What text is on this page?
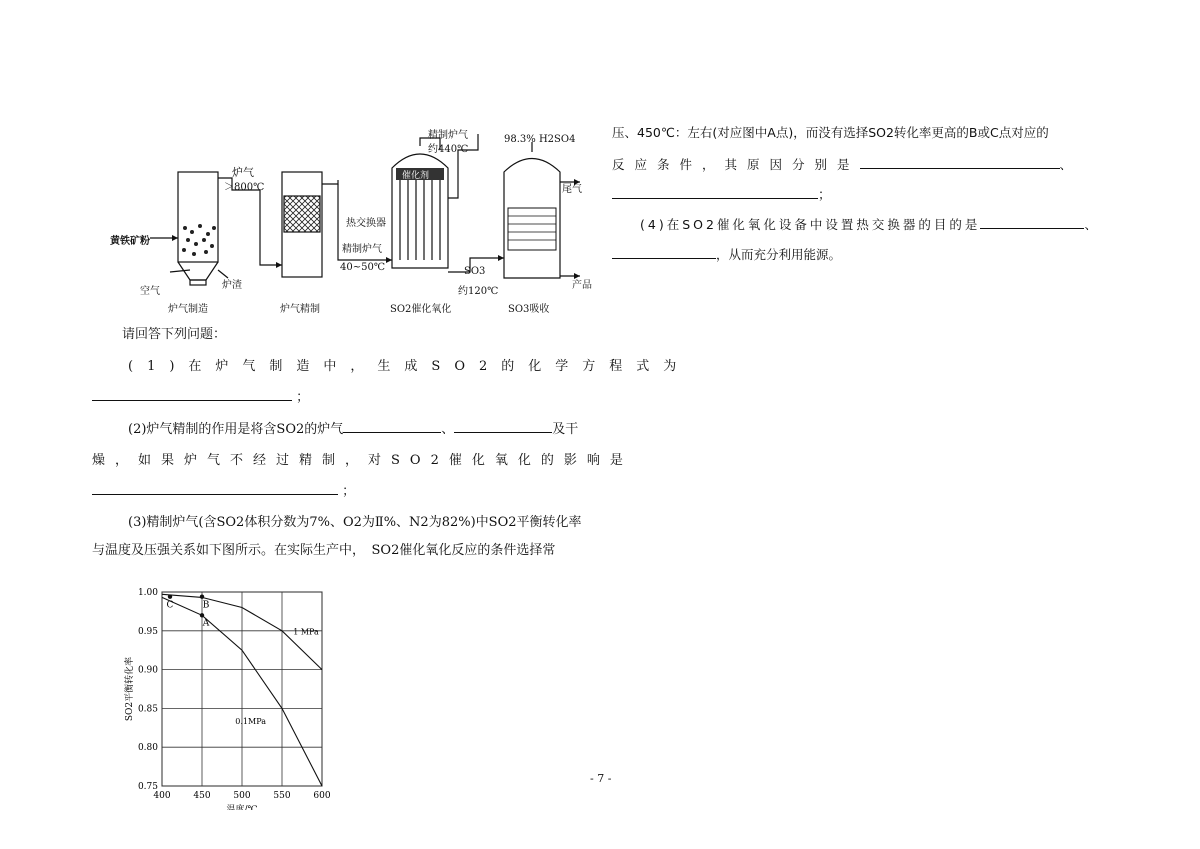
炉气
＞800℃
黄铁矿粉
空气
炉渣
精制炉气
约440℃
催化剂
热交换器
精制炉气
40~50℃	SO3
约120℃
98.3% H2SO4
尾气
产品
炉气制造	炉气精制	SO2催化氧化	SO3吸收
请回答下列问题：
(1)在炉气制造中，生成SO2的化学方程式为
；
(2)炉气精制的作用是将含SO2的炉气	、	及干
燥，如果炉气不经过精制，对SO2催化氧化的影响是
；
(3)精制炉气(含SO2体积分数为7%、O2为Ⅱ%、N2为82%)中SO2平衡转化率
与温度及压强关系如下图所示。在实际生产中，　SO2催化氧化反应的条件选择常
400	450	500	550	600
0.75
0.80
0.85
0.90
0.95
1.00
温度/℃
SO2平衡转化率
1 MPa
0.1MPa
C	B
A
压、450℃：左右(对应图中A点)，而没有选择SO2转化率更高的B或C点对应的
反应条件，其原因分别是	、
；
(4)在SO2催化氧化设备中设置热交换器的目的是	、
，从而充分利用能源。
- 7 -
